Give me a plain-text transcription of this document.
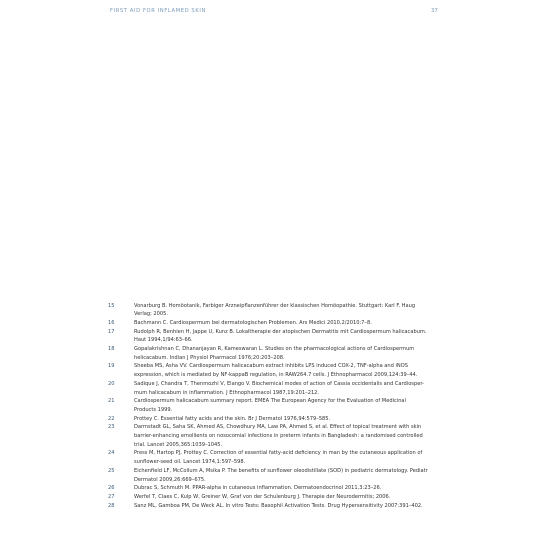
FIRST AID FOR INFLAMED SKIN	37
15	Vonarburg B. Homöotanik, Farbiger Arzneipflanzenführer der klassischen Homöopathie. Stuttgart: Karl F. Haug
Verlag; 2005.
16	Bachmann C. Cardiospermum bei dermatologischen Problemen. Ars Medici 2010,2/2010:7–8.
17	Rudolph R, Benhien H, Jappe U, Kunz B. Lokaltherapie der atopischen Dermatitis mit Cardiospermum halicacabum.
Haut 1994,1/94:63–66.
18	Gopalakrishnan C, Dhananjayan R, Kameswaran L. Studies on the pharmacological actions of Cardiospermum
helicacabum. Indian J Physiol Pharmacol 1976;20:203–208.
19	Sheeba MS, Asha VV. Cardiospermum halicacabum extract inhibits LPS induced COX-2, TNF-alpha and iNOS
expression, which is mediated by NF-kappaB regulation, in RAW264.7 cells. J Ethnopharmacol 2009,124:39–44.
20	Sadique J, Chandra T, Thenmozhi V, Elango V. Biochemical modes of action of Cassia occidentalis and Cardiosper-
mum halicacabum in inflammation. J Ethnopharmacol 1987,19:201–212.
21	Cardiospermum halicacabum summary report. EMEA The European Agency for the Evaluation of Medicinal
Products 1999.
22	Prottey C. Essential fatty acids and the skin. Br J Dermatol 1976,94:579–585.
23	Darmstadt GL, Saha SK, Ahmed AS, Chowdhury MA, Law PA, Ahmed S, et al. Effect of topical treatment with skin
barrier-enhancing emollients on nosocomial infections in preterm infants in Bangladesh: a randomised controlled
trial. Lancet 2005,365:1039–1045.
24	Press M, Hartop PJ, Prottey C. Correction of essential fatty-acid deficiency in man by the cutaneous application of
sunflower-seed oil. Lancet 1974,1:597–598.
25	Eichenfield LF, McCollum A, Msika P. The benefits of sunflower oleodistillate (SOD) in pediatric dermatology. Pediatr
Dermatol 2009,26:669–675.
26	Dubrac S, Schmuth M. PPAR-alpha in cutaneous inflammation. Dermatoendocrinol 2011,3:23–26.
27	Werfel T, Claes C, Kulp W, Greiner W, Graf von der Schulenburg J. Therapie der Neurodermitis; 2006.
28	Sanz ML, Gamboa PM, De Weck AL. In vitro Tests: Basophil Activation Tests. Drug Hypersensitivity 2007:391–402.
